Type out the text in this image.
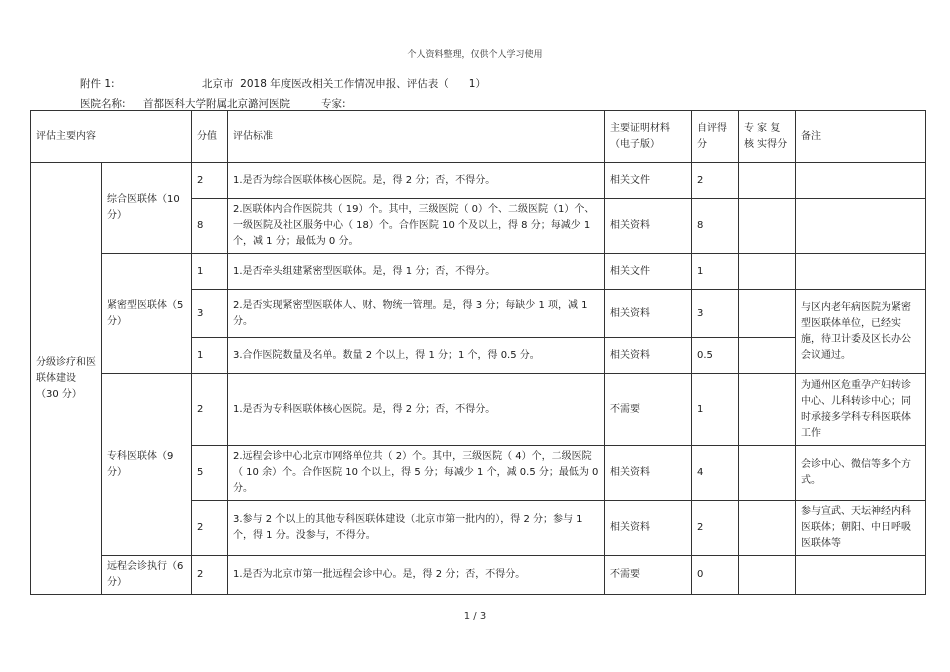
个人资料整理，仅供个人学习使用
附件 1:	北京市  2018 年度医改相关工作情况申报、评估表（      1）
医院名称: 首都医科大学附属北京潞河医院	专家:
评估主要内容		分值	评估标准	主要证明材料（电子版）	自评得分	专 家 复 核 实得分	备注
分级诊疗和医联体建设（30 分）	综合医联体（10 分）	2	1.是否为综合医联体核心医院。是，得 2 分；否，不得分。	相关文件	2		
		8	2.医联体内合作医院共（ 19）个。其中，三级医院（ 0）个、二级医院（1）个、一级医院及社区服务中心（ 18）个。合作医院 10 个及以上，得 8 分；每减少 1 个，减 1 分；最低为 0 分。	相关资料	8		
	紧密型医联体（5 分）	1	1.是否牵头组建紧密型医联体。是，得 1 分；否，不得分。	相关文件	1		
		3	2.是否实现紧密型医联体人、财、物统一管理。是，得 3 分；每缺少 1 项，减 1 分。	相关资料	3		与区内老年病医院为紧密型医联体单位，已经实施，待卫计委及区长办公会议通过。
		1	3.合作医院数量及名单。数量 2 个以上，得 1 分；1 个，得 0.5 分。	相关资料	0.5		
	专科医联体（9 分）	2	1.是否为专科医联体核心医院。是，得 2 分；否，不得分。	不需要	1		为通州区危重孕产妇转诊中心、儿科转诊中心；同时承接多学科专科医联体工作
		5	2.远程会诊中心北京市网络单位共（ 2）个。其中，三级医院（ 4）个，二级医院（ 10 余）个。合作医院 10 个以上，得 5 分；每减少 1 个，减 0.5 分；最低为 0 分。	相关资料	4		会诊中心、微信等多个方式。
		2	3.参与 2 个以上的其他专科医联体建设（北京市第一批内的），得 2 分；参与 1 个，得 1 分。没参与，不得分。	相关资料	2		参与宣武、天坛神经内科医联体；朝阳、中日呼吸医联体等
	远程会诊执行（6 分）	2	1.是否为北京市第一批远程会诊中心。是，得 2 分；否，不得分。	不需要	0		
1 / 3
